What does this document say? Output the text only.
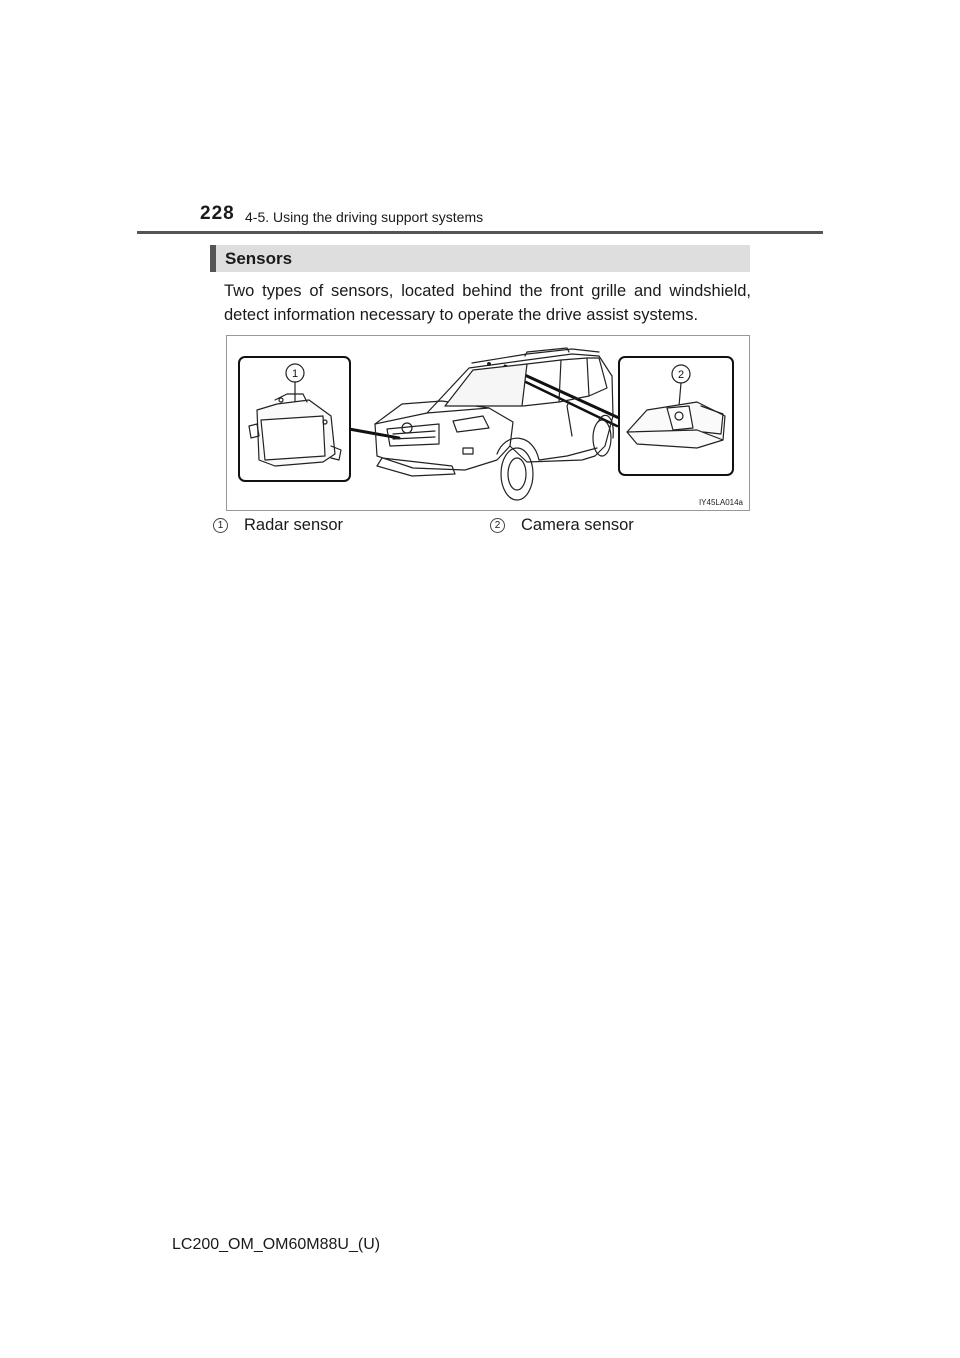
228 4-5. Using the driving support systems
Sensors
Two types of sensors, located behind the front grille and windshield, detect information necessary to operate the drive assist systems.
1	2
IY45LA014a
1 Radar sensor	2 Camera sensor
LC200_OM_OM60M88U_(U)
